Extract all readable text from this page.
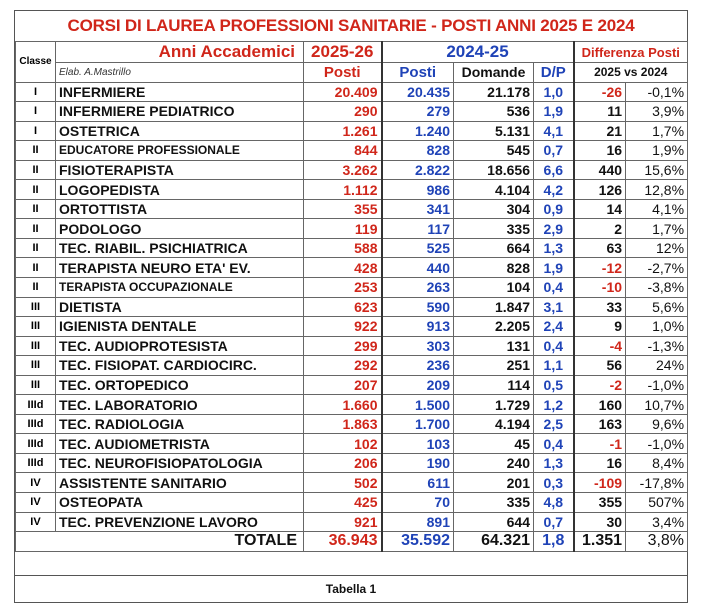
CORSI DI LAUREA PROFESSIONI SANITARIE - POSTI ANNI 2025 E 2024
Classe	Anni Accademici	2025-26	2024-25			Differenza Posti	
	Elab. A.Mastrillo	Posti	Posti	Domande	D/P	2025 vs 2024	
I	INFERMIERE	20.409	20.435	21.178	1,0	-26	-0,1%
I	INFERMIERE PEDIATRICO	290	279	536	1,9	11	3,9%
I	OSTETRICA	1.261	1.240	5.131	4,1	21	1,7%
II	EDUCATORE PROFESSIONALE	844	828	545	0,7	16	1,9%
II	FISIOTERAPISTA	3.262	2.822	18.656	6,6	440	15,6%
II	LOGOPEDISTA	1.112	986	4.104	4,2	126	12,8%
II	ORTOTTISTA	355	341	304	0,9	14	4,1%
II	PODOLOGO	119	117	335	2,9	2	1,7%
II	TEC. RIABIL. PSICHIATRICA	588	525	664	1,3	63	12%
II	TERAPISTA NEURO ETA' EV.	428	440	828	1,9	-12	-2,7%
II	TERAPISTA OCCUPAZIONALE	253	263	104	0,4	-10	-3,8%
III	DIETISTA	623	590	1.847	3,1	33	5,6%
III	IGIENISTA DENTALE	922	913	2.205	2,4	9	1,0%
III	TEC. AUDIOPROTESISTA	299	303	131	0,4	-4	-1,3%
III	TEC. FISIOPAT. CARDIOCIRC.	292	236	251	1,1	56	24%
III	TEC. ORTOPEDICO	207	209	114	0,5	-2	-1,0%
IIId	TEC. LABORATORIO	1.660	1.500	1.729	1,2	160	10,7%
IIId	TEC. RADIOLOGIA	1.863	1.700	4.194	2,5	163	9,6%
IIId	TEC. AUDIOMETRISTA	102	103	45	0,4	-1	-1,0%
IIId	TEC. NEUROFISIOPATOLOGIA	206	190	240	1,3	16	8,4%
IV	ASSISTENTE SANITARIO	502	611	201	0,3	-109	-17,8%
IV	OSTEOPATA	425	70	335	4,8	355	507%
IV	TEC. PREVENZIONE LAVORO	921	891	644	0,7	30	3,4%
TOTALE		36.943	35.592	64.321	1,8	1.351	3,8%
Tabella 1
